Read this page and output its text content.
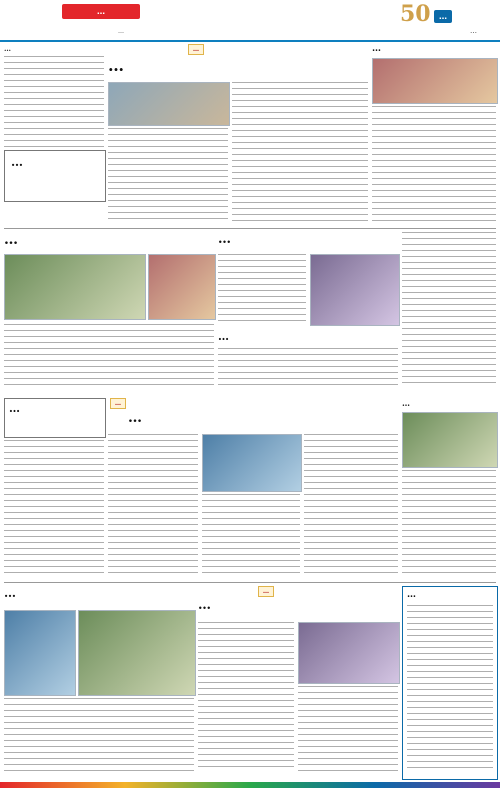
…
…
50	…
…
…
…
…
…
…
…	…
…
…	…
…
…
…	…
…
…
